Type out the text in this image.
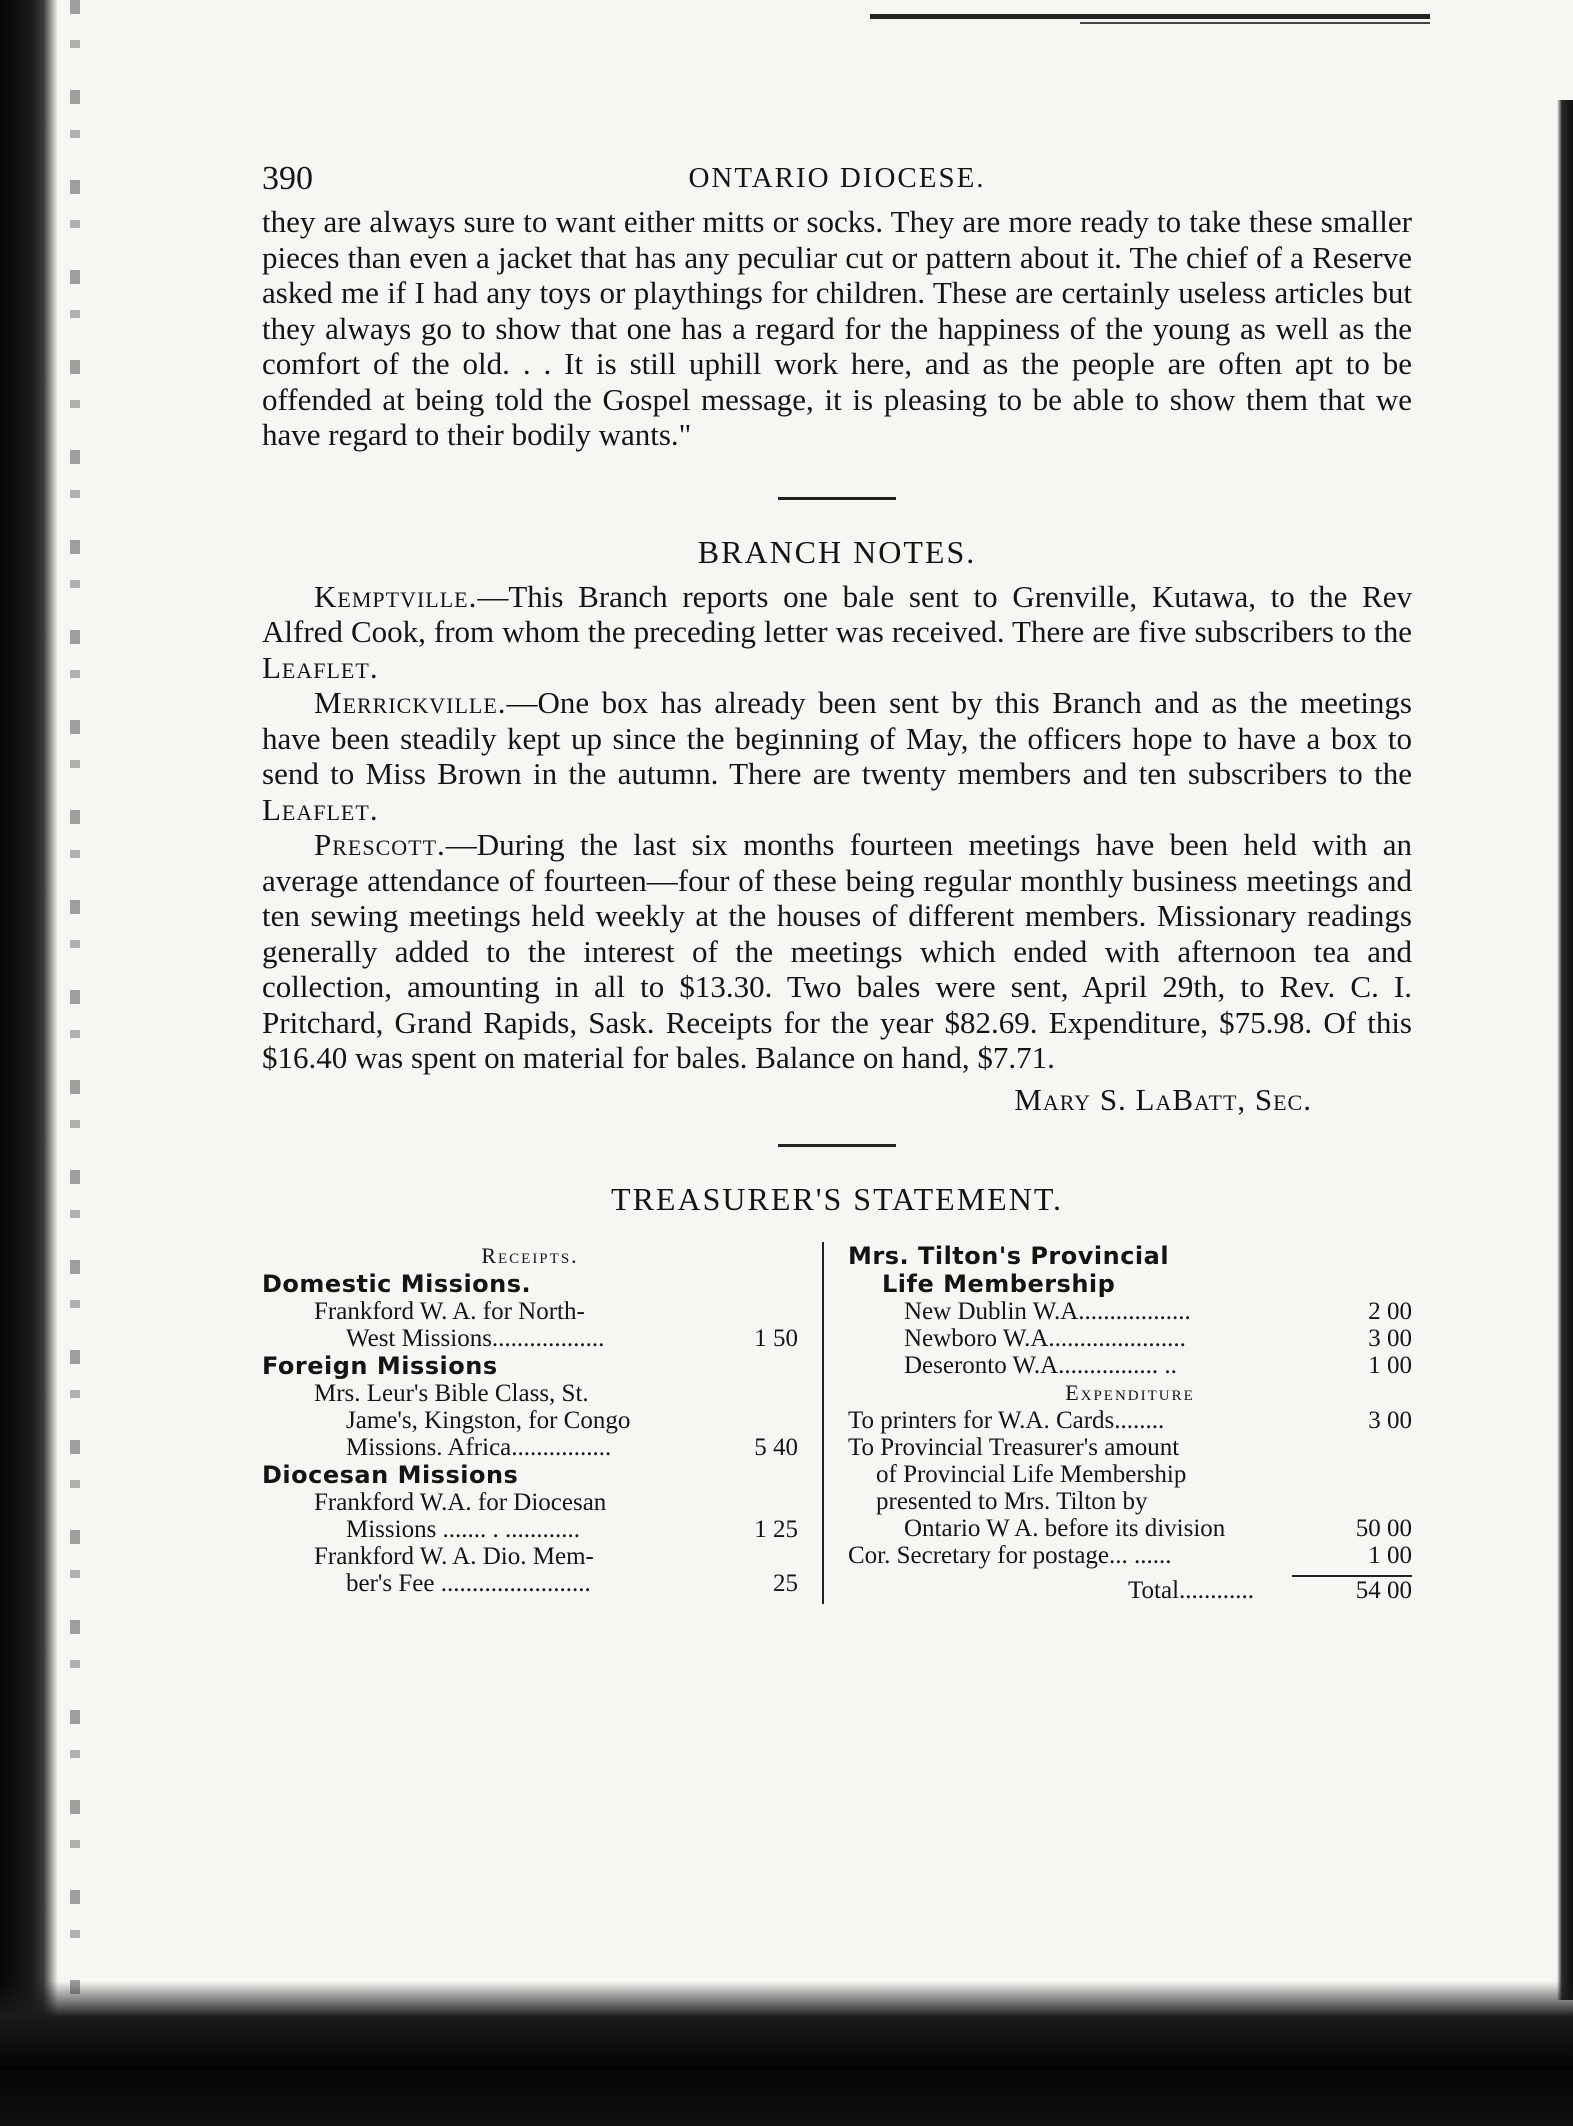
390	ONTARIO DIOCESE.

they are always sure to want either mitts or socks. They are more ready to take these smaller pieces than even a jacket that has any peculiar cut or pattern about it. The chief of a Reserve asked me if I had any toys or playthings for children. These are certainly useless articles but they always go to show that one has a regard for the happiness of the young as well as the comfort of the old. . . It is still uphill work here, and as the people are often apt to be offended at being told the Gospel message, it is pleasing to be able to show them that we have regard to their bodily wants."

BRANCH NOTES.

Kemptville.—This Branch reports one bale sent to Grenville, Kutawa, to the Rev Alfred Cook, from whom the preceding letter was received. There are five subscribers to the Leaflet.

Merrickville.—One box has already been sent by this Branch and as the meetings have been steadily kept up since the beginning of May, the officers hope to have a box to send to Miss Brown in the autumn. There are twenty members and ten subscribers to the Leaflet.

Prescott.—During the last six months fourteen meetings have been held with an average attendance of fourteen—four of these being regular monthly business meetings and ten sewing meetings held weekly at the houses of different members. Missionary readings generally added to the interest of the meetings which ended with afternoon tea and collection, amounting in all to $13.30. Two bales were sent, April 29th, to Rev. C. I. Pritchard, Grand Rapids, Sask. Receipts for the year $82.69. Expenditure, $75.98. Of this $16.40 was spent on material for bales. Balance on hand, $7.71.

Mary S. LaBatt, Sec.
TREASURER'S STATEMENT.
Receipts.
Domestic Missions.
Frankford W. A. for North-
West Missions..................	1 50
Foreign Missions
Mrs. Leur's Bible Class, St.
Jame's, Kingston, for Congo
Missions. Africa................	5 40
Diocesan Missions
Frankford W.A. for Diocesan
Missions ....... . ............	1 25
Frankford W. A. Dio. Mem-
ber's Fee ........................	25
Mrs. Tilton's Provincial
Life Membership
New Dublin W.A..................	2 00
Newboro W.A......................	3 00
Deseronto W.A................ ..	1 00
Expenditure
To printers for W.A. Cards........	3 00
To Provincial Treasurer's amount
of Provincial Life Membership
presented to Mrs. Tilton by
Ontario W A. before its division	50 00
Cor. Secretary for postage... ......	1 00
Total............	54 00
